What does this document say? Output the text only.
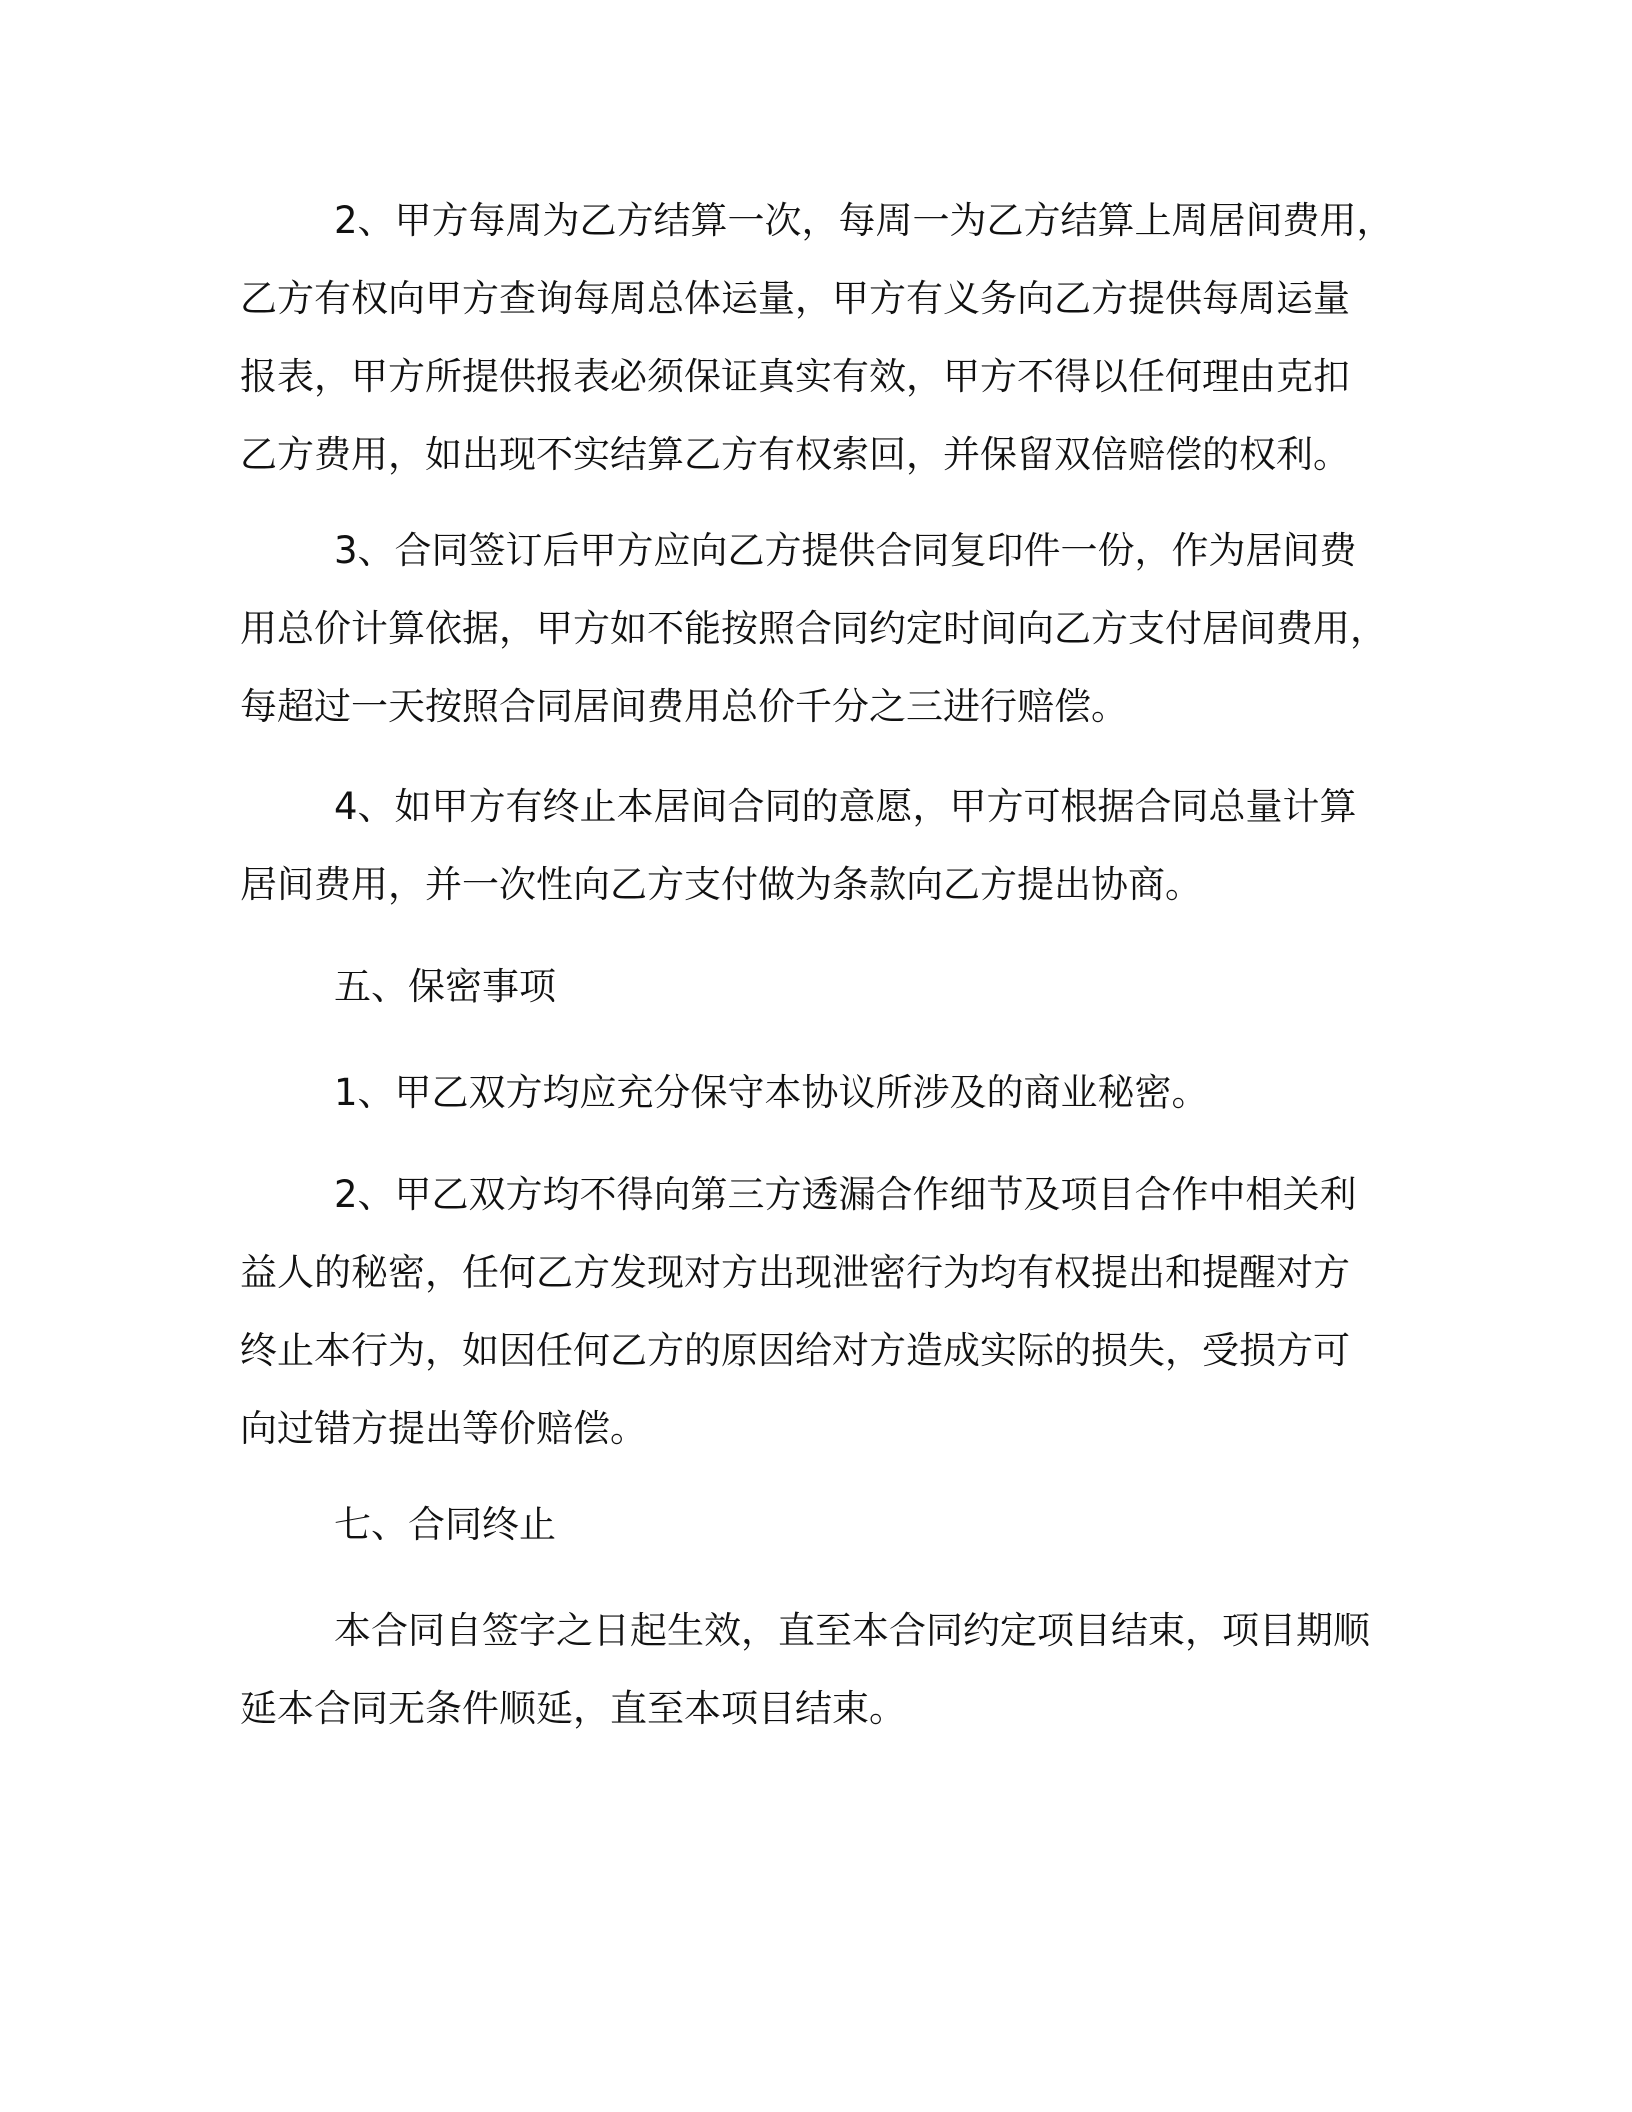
2、甲方每周为乙方结算一次，每周一为乙方结算上周居间费用，

乙方有权向甲方查询每周总体运量，甲方有义务向乙方提供每周运量

报表，甲方所提供报表必须保证真实有效，甲方不得以任何理由克扣

乙方费用，如出现不实结算乙方有权索回，并保留双倍赔偿的权利。

3、合同签订后甲方应向乙方提供合同复印件一份，作为居间费

用总价计算依据，甲方如不能按照合同约定时间向乙方支付居间费用，

每超过一天按照合同居间费用总价千分之三进行赔偿。

4、如甲方有终止本居间合同的意愿，甲方可根据合同总量计算

居间费用，并一次性向乙方支付做为条款向乙方提出协商。

五、保密事项

1、甲乙双方均应充分保守本协议所涉及的商业秘密。

2、甲乙双方均不得向第三方透漏合作细节及项目合作中相关利

益人的秘密，任何乙方发现对方出现泄密行为均有权提出和提醒对方

终止本行为，如因任何乙方的原因给对方造成实际的损失，受损方可

向过错方提出等价赔偿。

七、合同终止

本合同自签字之日起生效，直至本合同约定项目结束，项目期顺

延本合同无条件顺延，直至本项目结束。
